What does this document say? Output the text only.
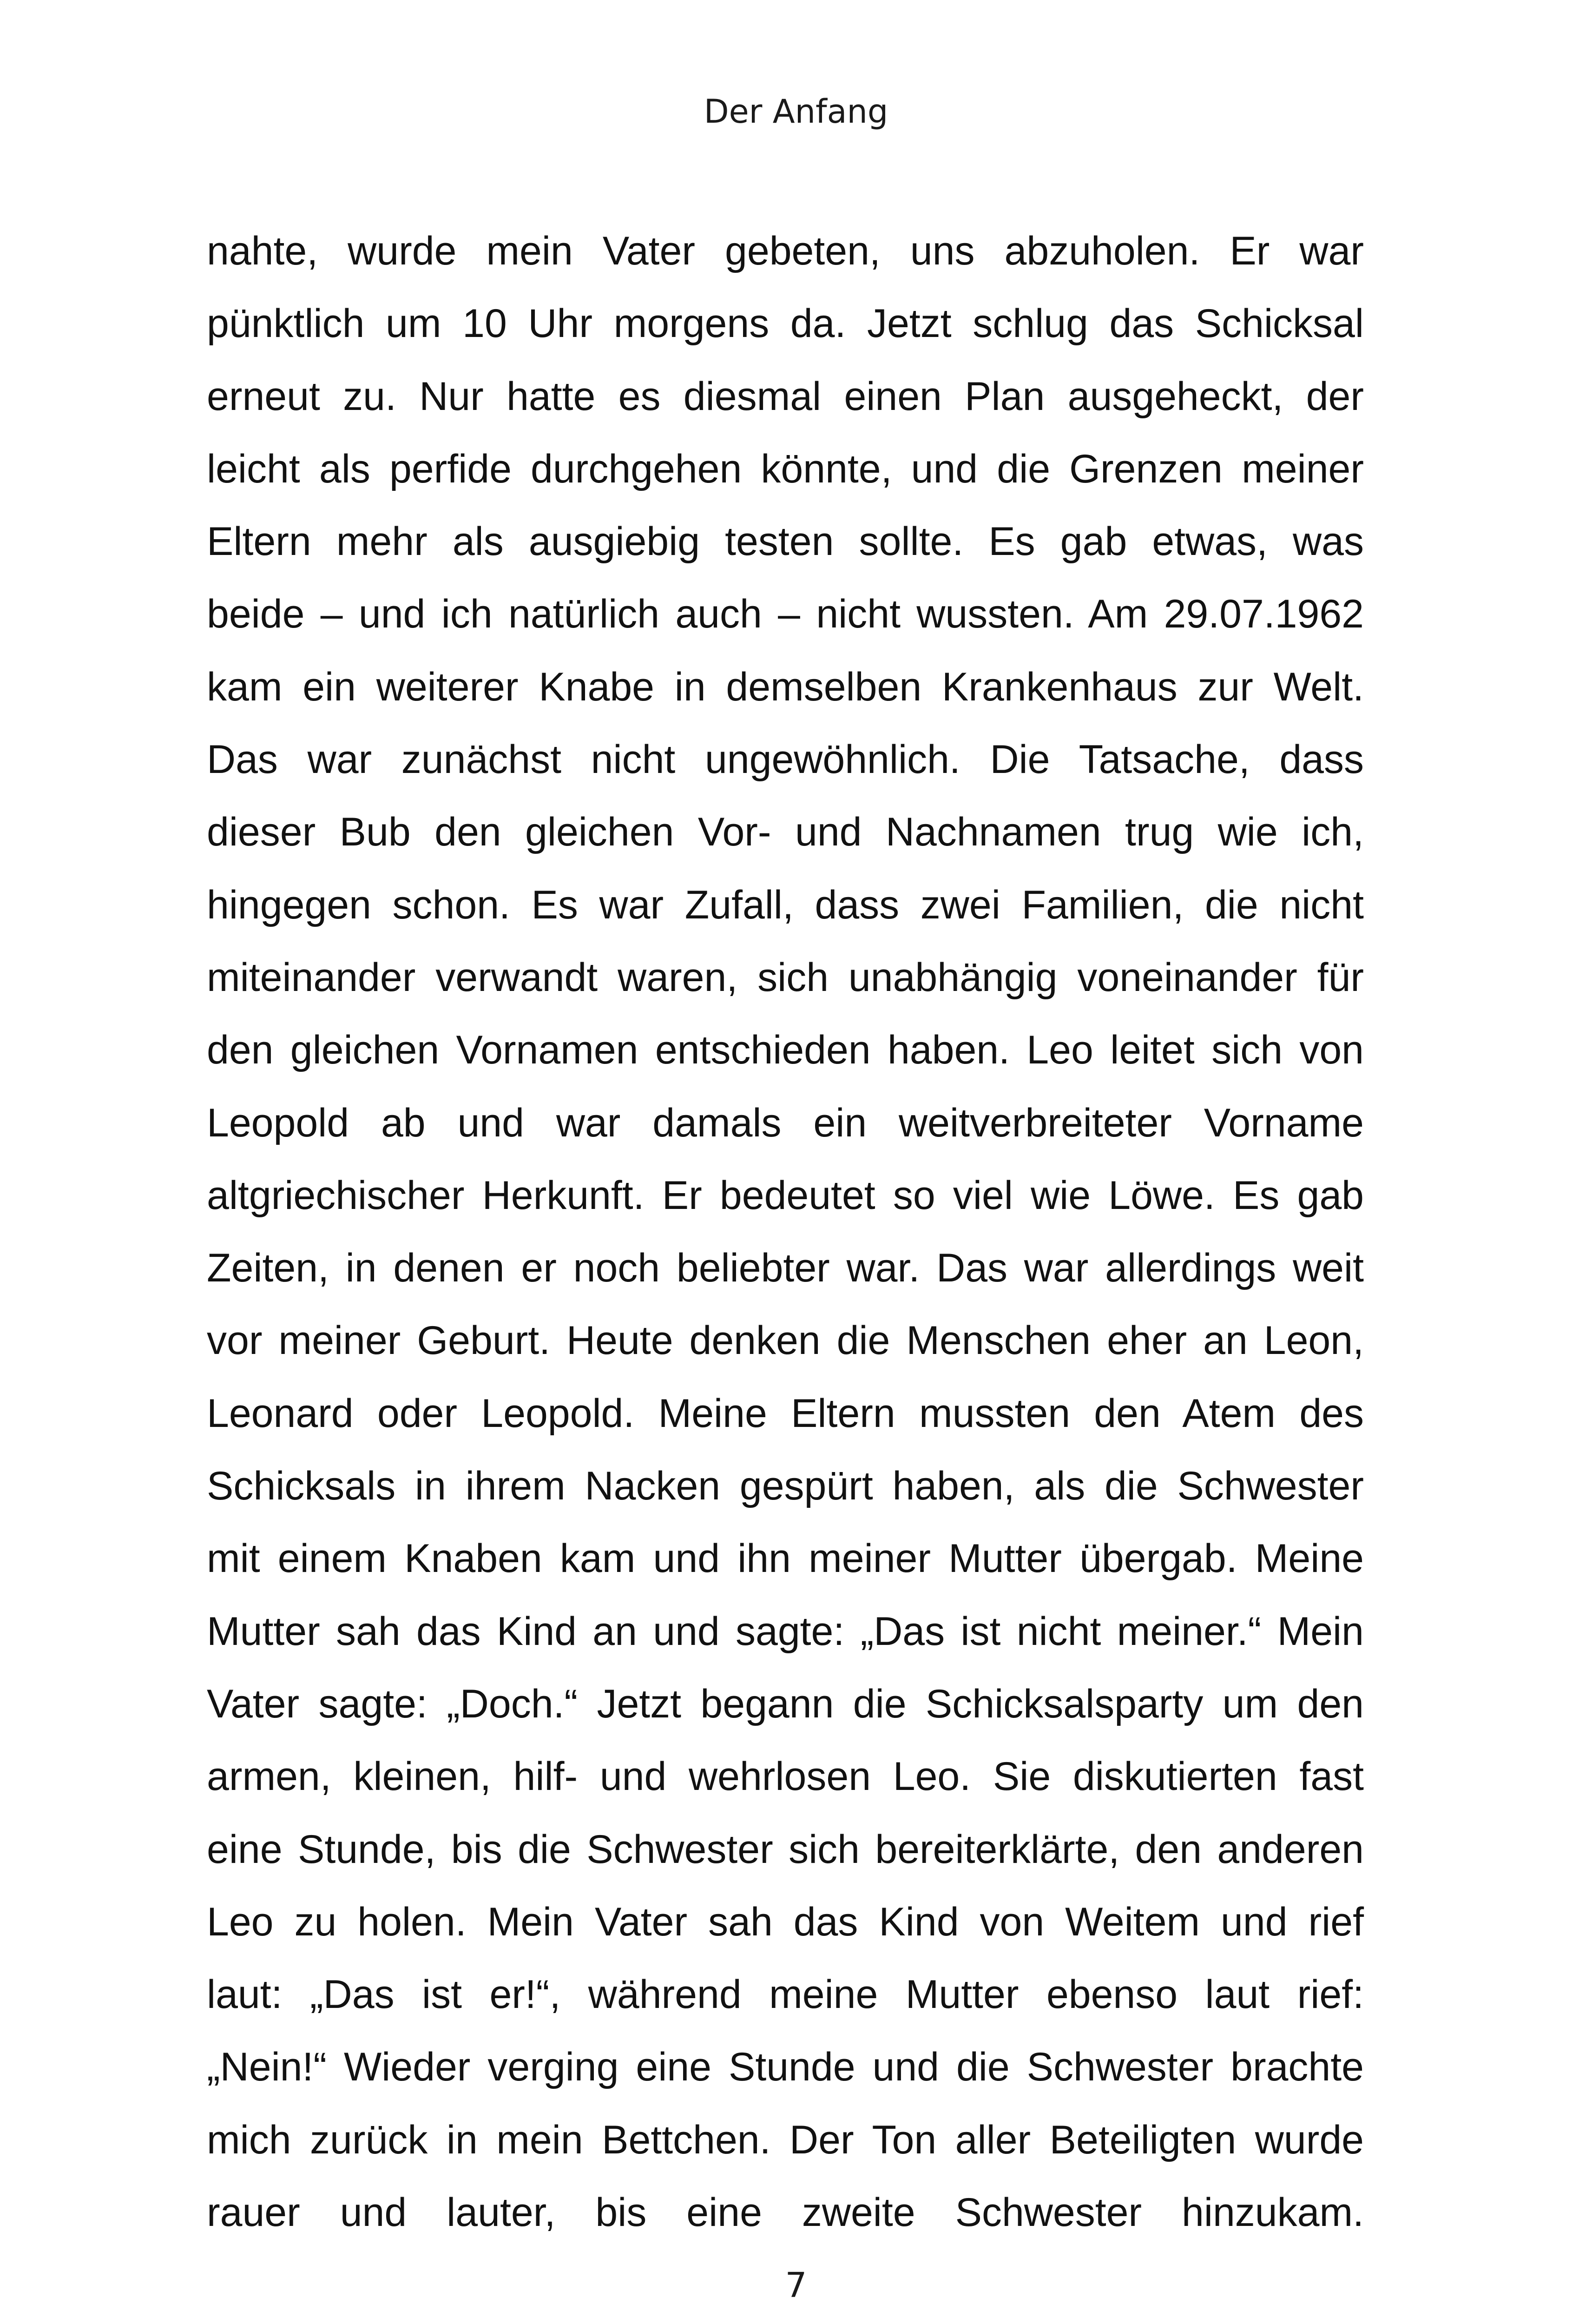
Der Anfang
nahte, wurde mein Vater gebeten, uns abzuholen. Er war
pünktlich um 10 Uhr morgens da. Jetzt schlug das Schicksal
erneut zu. Nur hatte es diesmal einen Plan ausgeheckt, der
leicht als perfide durchgehen könnte, und die Grenzen meiner
Eltern mehr als ausgiebig testen sollte. Es gab etwas, was
beide – und ich natürlich auch – nicht wussten. Am 29.07.1962
kam ein weiterer Knabe in demselben Krankenhaus zur Welt.
Das war zunächst nicht ungewöhnlich. Die Tatsache, dass
dieser Bub den gleichen Vor- und Nachnamen trug wie ich,
hingegen schon. Es war Zufall, dass zwei Familien, die nicht
miteinander verwandt waren, sich unabhängig voneinander für
den gleichen Vornamen entschieden haben. Leo leitet sich von
Leopold ab und war damals ein weitverbreiteter Vorname
altgriechischer Herkunft. Er bedeutet so viel wie Löwe. Es gab
Zeiten, in denen er noch beliebter war. Das war allerdings weit
vor meiner Geburt. Heute denken die Menschen eher an Leon,
Leonard oder Leopold. Meine Eltern mussten den Atem des
Schicksals in ihrem Nacken gespürt haben, als die Schwester
mit einem Knaben kam und ihn meiner Mutter übergab. Meine
Mutter sah das Kind an und sagte: „Das ist nicht meiner.“ Mein
Vater sagte: „Doch.“ Jetzt begann die Schicksalsparty um den
armen, kleinen, hilf- und wehrlosen Leo. Sie diskutierten fast
eine Stunde, bis die Schwester sich bereiterklärte, den anderen
Leo zu holen. Mein Vater sah das Kind von Weitem und rief
laut: „Das ist er!“, während meine Mutter ebenso laut rief:
„Nein!“ Wieder verging eine Stunde und die Schwester brachte
mich zurück in mein Bettchen. Der Ton aller Beteiligten wurde
rauer und lauter, bis eine zweite Schwester hinzukam.
7
